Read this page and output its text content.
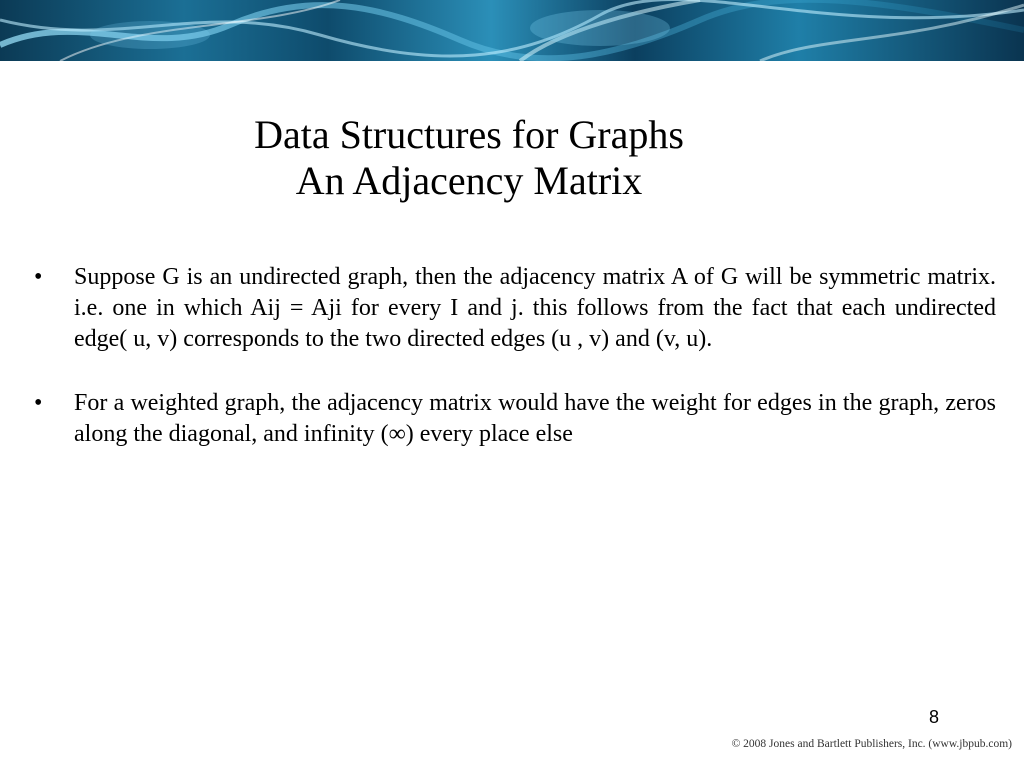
Data Structures for Graphs
An Adjacency Matrix
•	Suppose G is an undirected graph, then the adjacency matrix A of G will be symmetric matrix. i.e. one in which Aij = Aji for every I and j. this follows from the fact that each undirected edge( u, v) corresponds to the two directed edges (u , v) and (v, u).
•	For a weighted graph, the adjacency matrix would have the weight for edges in the graph, zeros along the diagonal, and infinity (∞) every place else
8
© 2008 Jones and Bartlett Publishers, Inc. (www.jbpub.com)
